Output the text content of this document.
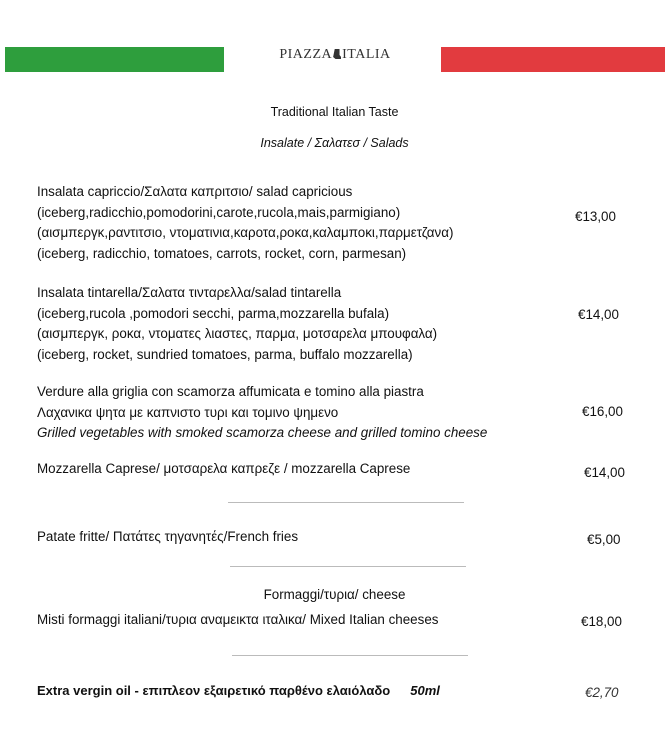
PIAZZA ITALIA
Traditional Italian Taste
Insalate / Σαλατεσ / Salads
Insalata capriccio/Σαλατα καπριτσιο/ salad capricious
(iceberg,radicchio,pomodorini,carote,rucola,mais,parmigiano)
(αισμπεργκ,ραντιτσιο, ντοματινια,καροτα,ροκα,καλαμποκι,παρμετζανα)
(iceberg, radicchio, tomatoes, carrots, rocket, corn, parmesan)
€13,00
Insalata tintarella/Σαλατα τινταρελλα/salad tintarella
(iceberg,rucola ,pomodori secchi, parma,mozzarella bufala)
(αισμπεργκ, ροκα, ντοματες λιαστες, παρμα, μοτσαρελα μπουφαλα)
(iceberg, rocket, sundried tomatoes, parma, buffalo mozzarella)
€14,00
Verdure alla griglia con scamorza affumicata e tomino alla piastra
Λαχανικα ψητα με καπνιστο τυρι και τομινο ψημενο
Grilled vegetables with smoked scamorza cheese and grilled tomino cheese
€16,00
Mozzarella Caprese/ μοτσαρελα καπρεζε / mozzarella Caprese	€14,00
Patate fritte/ Πατάτες τηγανητές/French fries	€5,00
Formaggi/τυρια/ cheese
Misti formaggi italiani/τυρια αναμεικτα ιταλικα/ Mixed Italian cheeses	€18,00
Extra vergin oil - επιπλεον εξαιρετικό παρθένο ελαιόλαδο 50ml	€2,70
